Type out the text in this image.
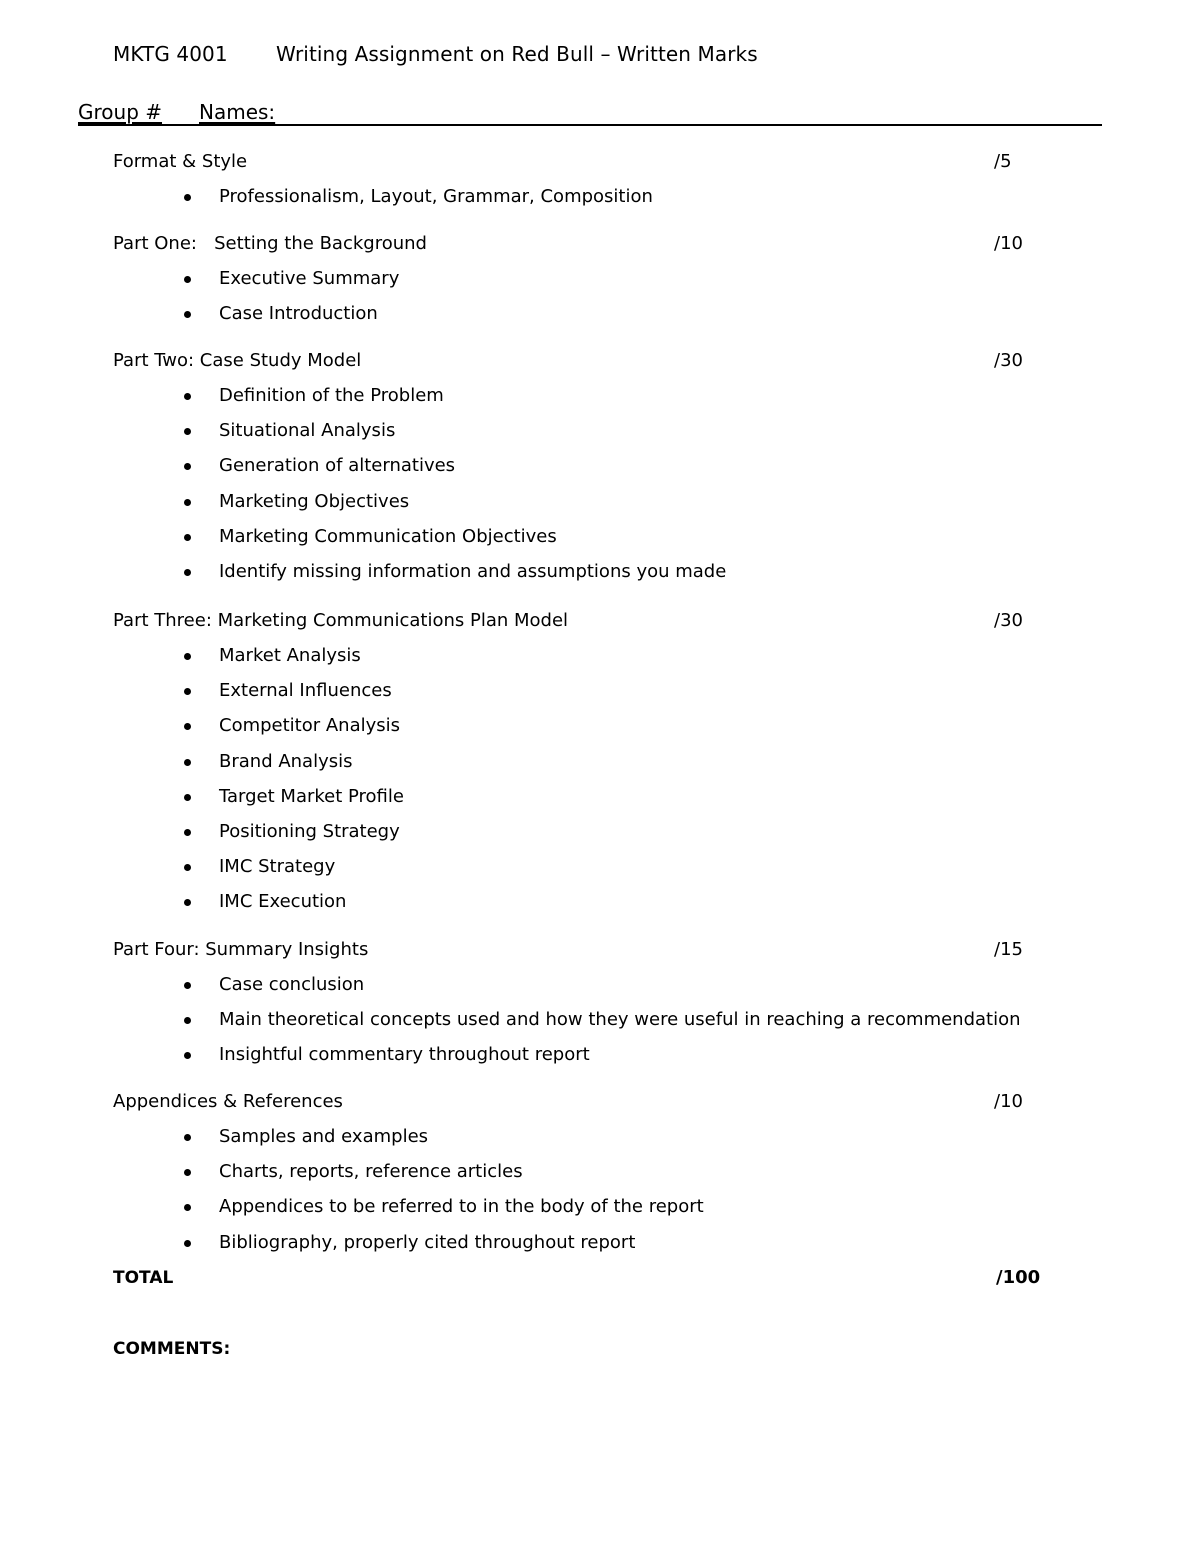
MKTG 4001 Writing Assignment on Red Bull – Written Marks
Group # Names:
Format & Style	/5
Professionalism, Layout, Grammar, Composition
Part One:   Setting the Background	/10
Executive Summary
Case Introduction
Part Two: Case Study Model	/30
Definition of the Problem
Situational Analysis
Generation of alternatives
Marketing Objectives
Marketing Communication Objectives
Identify missing information and assumptions you made
Part Three: Marketing Communications Plan Model	/30
Market Analysis
External Influences
Competitor Analysis
Brand Analysis
Target Market Profile
Positioning Strategy
IMC Strategy
IMC Execution
Part Four: Summary Insights	/15
Case conclusion
Main theoretical concepts used and how they were useful in reaching a recommendation
Insightful commentary throughout report
Appendices & References	/10
Samples and examples
Charts, reports, reference articles
Appendices to be referred to in the body of the report
Bibliography, properly cited throughout report
TOTAL	/100
COMMENTS:
